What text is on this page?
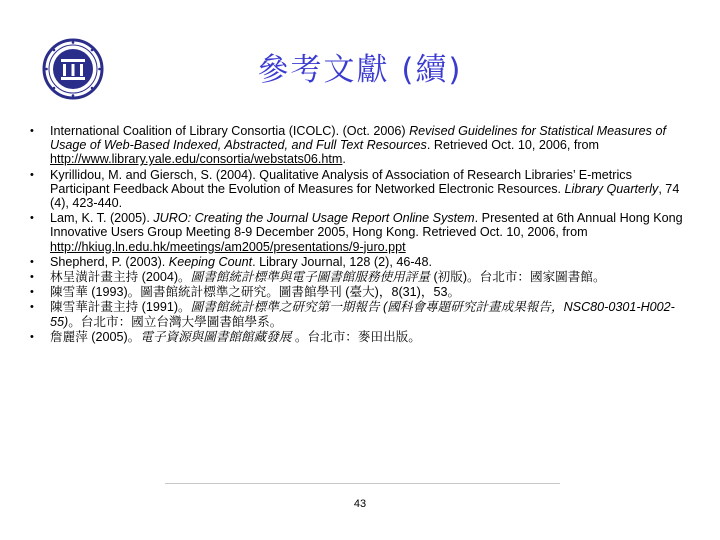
參考文獻 (續)
• International Coalition of Library Consortia (ICOLC). (Oct. 2006) Revised Guidelines for Statistical Measures of Usage of Web-Based Indexed, Abstracted, and Full Text Resources. Retrieved Oct. 10, 2006, from http://www.library.yale.edu/consortia/webstats06.htm.
• Kyrillidou, M. and Giersch, S. (2004). Qualitative Analysis of Association of Research Libraries’ E-metrics Participant Feedback About the Evolution of Measures for Networked Electronic Resources. Library Quarterly, 74 (4), 423-440.
• Lam, K. T. (2005). JURO: Creating the Journal Usage Report Online System. Presented at 6th Annual Hong Kong Innovative Users Group Meeting 8-9 December 2005, Hong Kong. Retrieved Oct. 10, 2006, from http://hkiug.ln.edu.hk/meetings/am2005/presentations/9-juro.ppt
• Shepherd, P. (2003). Keeping Count. Library Journal, 128 (2), 46-48.
• 林呈潢計畫主持 (2004)。圖書館統計標準與電子圖書館服務使用評量 (初版)。台北市：國家圖書館。
• 陳雪華 (1993)。圖書館統計標準之研究。圖書館學刊 (臺大)，8(31)，53。
• 陳雪華計畫主持 (1991)。圖書館統計標準之研究第一期報告 (國科會專題研究計畫成果報告，NSC80-0301-H002-55)。台北市：國立台灣大學圖書館學系。
• 詹麗萍 (2005)。電子資源與圖書館館藏發展 。台北市：麥田出版。
43
